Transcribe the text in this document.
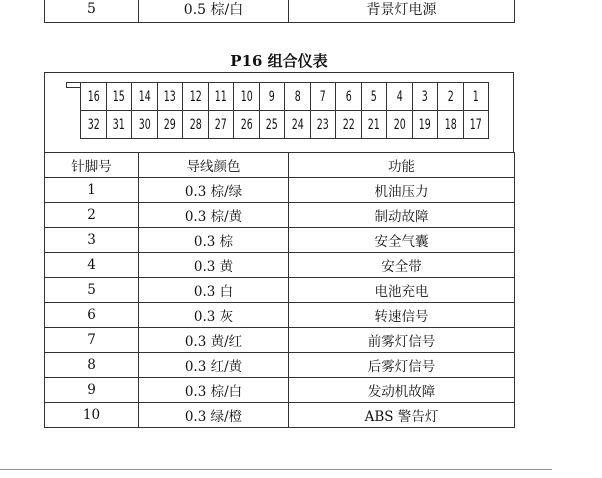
5	0.5 棕/白	背景灯电源
P16 组合仪表
16	15	14	13	12	11	10	9	8	7	6	5	4	3	2	1
32	31	30	29	28	27	26	25	24	23	22	21	20	19	18	17
针脚号	导线颜色	功能
1	0.3 棕/绿	机油压力
2	0.3 棕/黄	制动故障
3	0.3 棕	安全气囊
4	0.3 黄	安全带
5	0.3 白	电池充电
6	0.3 灰	转速信号
7	0.3 黄/红	前雾灯信号
8	0.3 红/黄	后雾灯信号
9	0.3 棕/白	发动机故障
10	0.3 绿/橙	ABS 警告灯
